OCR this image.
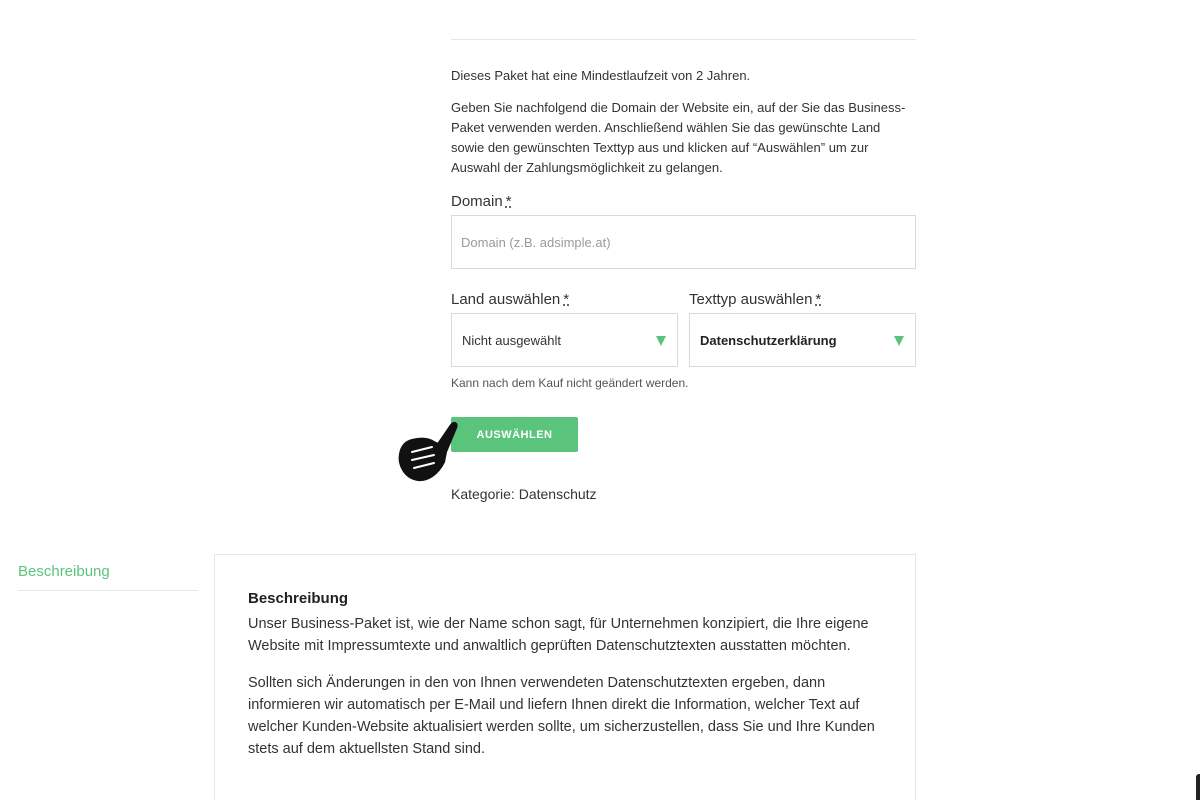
Dieses Paket hat eine Mindestlaufzeit von 2 Jahren.

Geben Sie nachfolgend die Domain der Website ein, auf der Sie das Business-Paket verwenden werden. Anschließend wählen Sie das gewünschte Land sowie den gewünschten Texttyp aus und klicken auf “Auswählen” um zur Auswahl der Zahlungsmöglichkeit zu gelangen.

Domain *
Domain (z.B. adsimple.at)
Land auswählen *
Nicht ausgewählt
Texttyp auswählen *
Datenschutzerklärung

Kann nach dem Kauf nicht geändert werden.

AUSWÄHLEN
Kategorie: Datenschutz
Beschreibung
Beschreibung

Unser Business-Paket ist, wie der Name schon sagt, für Unternehmen konzipiert, die Ihre eigene Website mit Impressumtexte und anwaltlich geprüften Datenschutztexten ausstatten möchten.

Sollten sich Änderungen in den von Ihnen verwendeten Datenschutztexten ergeben, dann informieren wir automatisch per E-Mail und liefern Ihnen direkt die Information, welcher Text auf welcher Kunden-Website aktualisiert werden sollte, um sicherzustellen, dass Sie und Ihre Kunden stets auf dem aktuellsten Stand sind.
